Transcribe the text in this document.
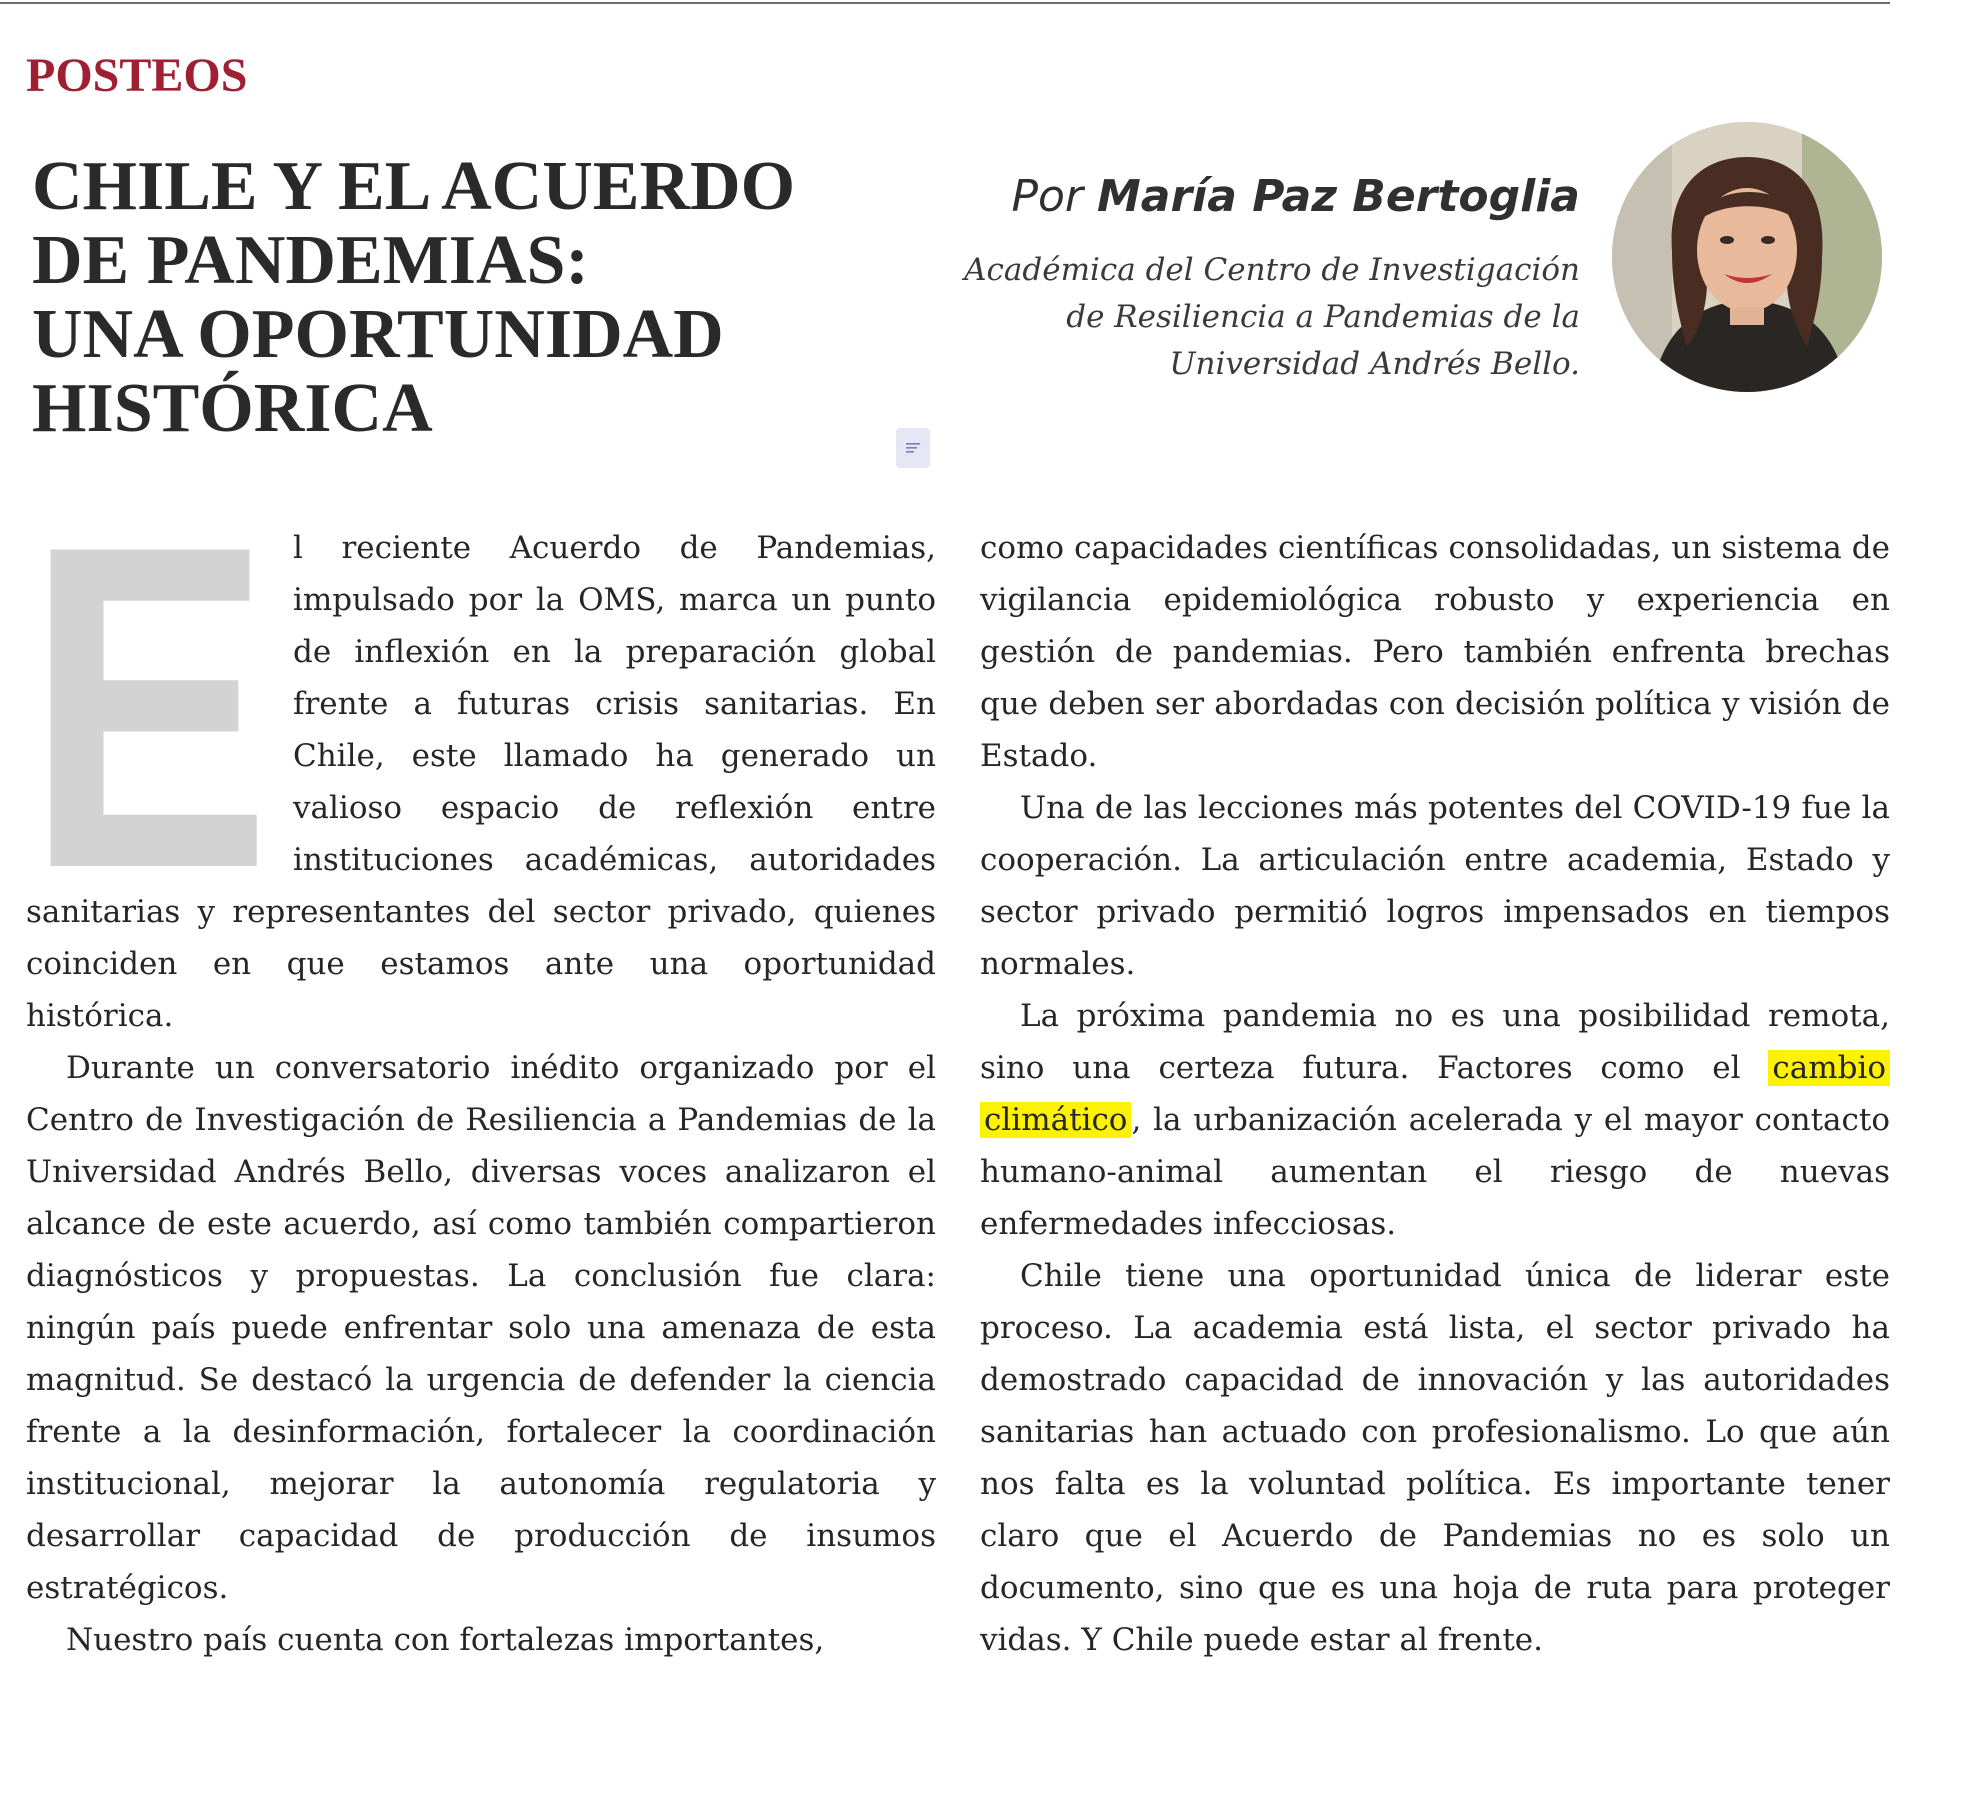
POSTEOS
CHILE Y EL ACUERDO
DE PANDEMIAS:
UNA OPORTUNIDAD
HISTÓRICA
Por María Paz Bertoglia
Académica del Centro de Investigación
de Resiliencia a Pandemias de la
Universidad Andrés Bello.
E l reciente Acuerdo de Pandemias, impulsado por la OMS, marca un punto de inflexión en la preparación global frente a futuras crisis sanitarias. En Chile, este llamado ha generado un valioso espacio de reflexión entre instituciones académicas, autoridades sanitarias y representantes del sector privado, quienes coinciden en que estamos ante una oportunidad histórica.

Durante un conversatorio inédito organizado por el Centro de Investigación de Resiliencia a Pandemias de la Universidad Andrés Bello, diversas voces analizaron el alcance de este acuerdo, así como también compartieron diagnósticos y propuestas. La conclusión fue clara: ningún país puede enfrentar solo una amenaza de esta magnitud. Se destacó la urgencia de defender la ciencia frente a la desinformación, fortalecer la coordinación institucional, mejorar la autonomía regulatoria y desarrollar capacidad de producción de insumos estratégicos.

Nuestro país cuenta con fortalezas importantes,

como capacidades científicas consolidadas, un sistema de vigilancia epidemiológica robusto y experiencia en gestión de pandemias. Pero también enfrenta brechas que deben ser abordadas con decisión política y visión de Estado.

Una de las lecciones más potentes del COVID-19 fue la cooperación. La articulación entre academia, Estado y sector privado permitió logros impensados en tiempos normales.

La próxima pandemia no es una posibilidad remota, sino una certeza futura. Factores como el cambio climático , la urbanización acelerada y el mayor contacto humano-animal aumentan el riesgo de nuevas enfermedades infecciosas.

Chile tiene una oportunidad única de liderar este proceso. La academia está lista, el sector privado ha demostrado capacidad de innovación y las autoridades sanitarias han actuado con profesionalismo. Lo que aún nos falta es la voluntad política. Es importante tener claro que el Acuerdo de Pandemias no es solo un documento, sino que es una hoja de ruta para proteger vidas. Y Chile puede estar al frente.
